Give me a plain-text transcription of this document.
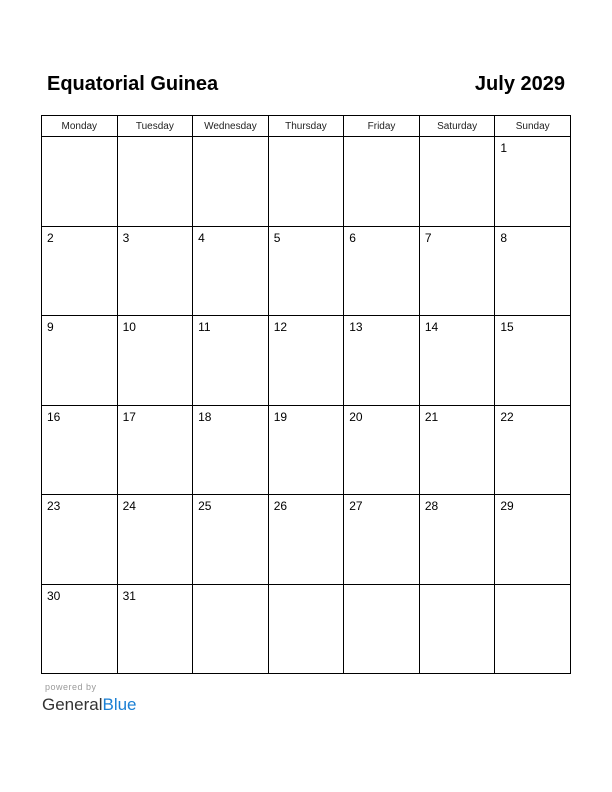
Equatorial Guinea	July 2029
Monday	Tuesday	Wednesday	Thursday	Friday	Saturday	Sunday

						1

2	3	4	5	6	7	8

9	10	11	12	13	14	15

16	17	18	19	20	21	22

23	24	25	26	27	28	29

30	31					

powered by
GeneralBlue
